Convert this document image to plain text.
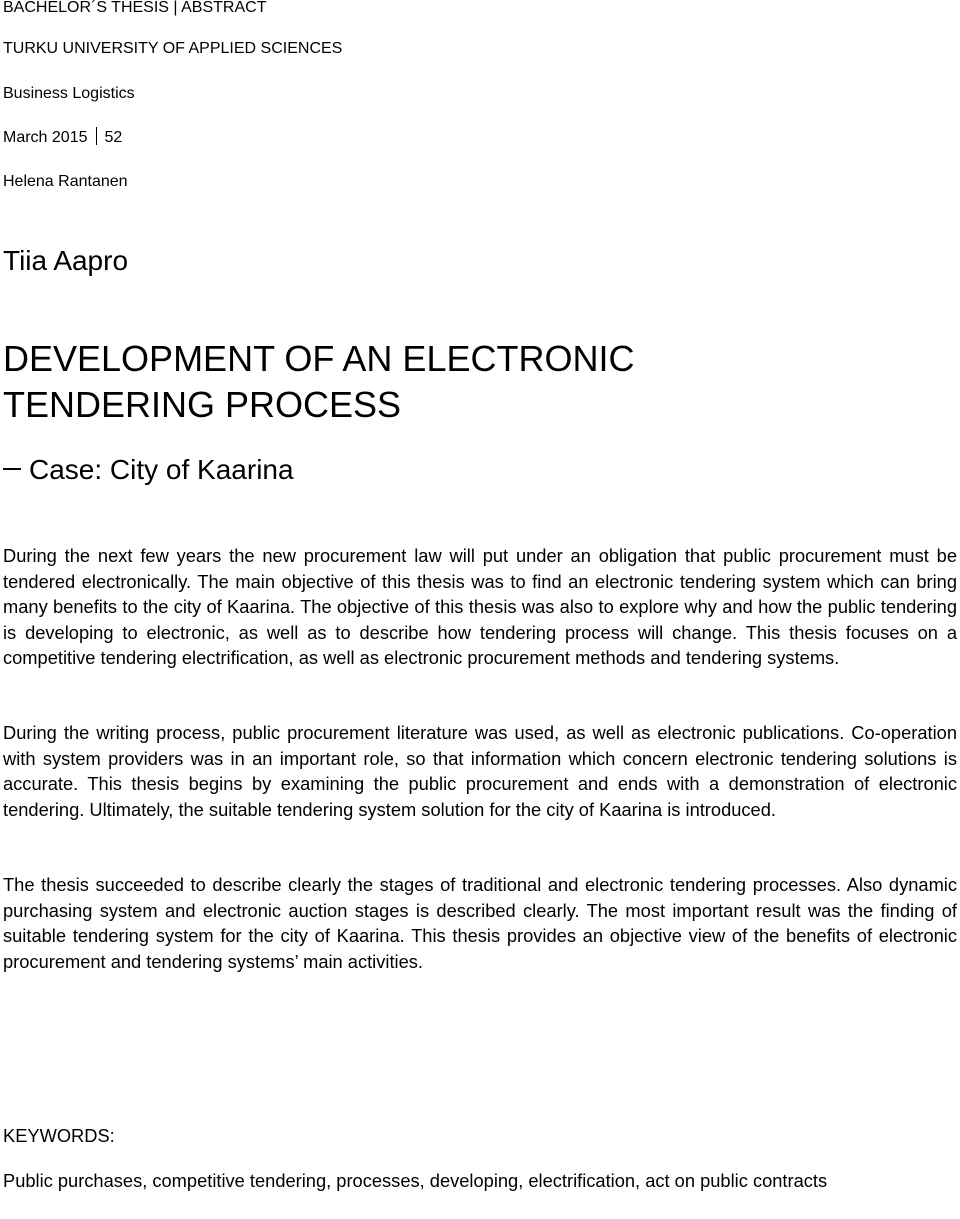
BACHELOR´S THESIS | ABSTRACT
TURKU UNIVERSITY OF APPLIED SCIENCES
Business Logistics
March 2015 52
Helena Rantanen
Tiia Aapro
DEVELOPMENT OF AN ELECTRONIC
TENDERING PROCESS
Case: City of Kaarina

During the next few years the new procurement law will put under an obligation that public procurement must be tendered electronically. The main objective of this thesis was to find an electronic tendering system which can bring many benefits to the city of Kaarina. The objective of this thesis was also to explore why and how the public tendering is developing to electronic, as well as to describe how tendering process will change. This thesis focuses on a competitive tendering electrification, as well as electronic procurement methods and tendering systems.

During the writing process, public procurement literature was used, as well as electronic publications. Co-operation with system providers was in an important role, so that information which concern electronic tendering solutions is accurate. This thesis begins by examining the public procurement and ends with a demonstration of electronic tendering. Ultimately, the suitable tendering system solution for the city of Kaarina is introduced.

The thesis succeeded to describe clearly the stages of traditional and electronic tendering processes. Also dynamic purchasing system and electronic auction stages is described clearly. The most important result was the finding of suitable tendering system for the city of Kaarina. This thesis provides an objective view of the benefits of electronic procurement and tendering systems’ main activities.

KEYWORDS:

Public purchases, competitive tendering, processes, developing, electrification, act on public contracts
